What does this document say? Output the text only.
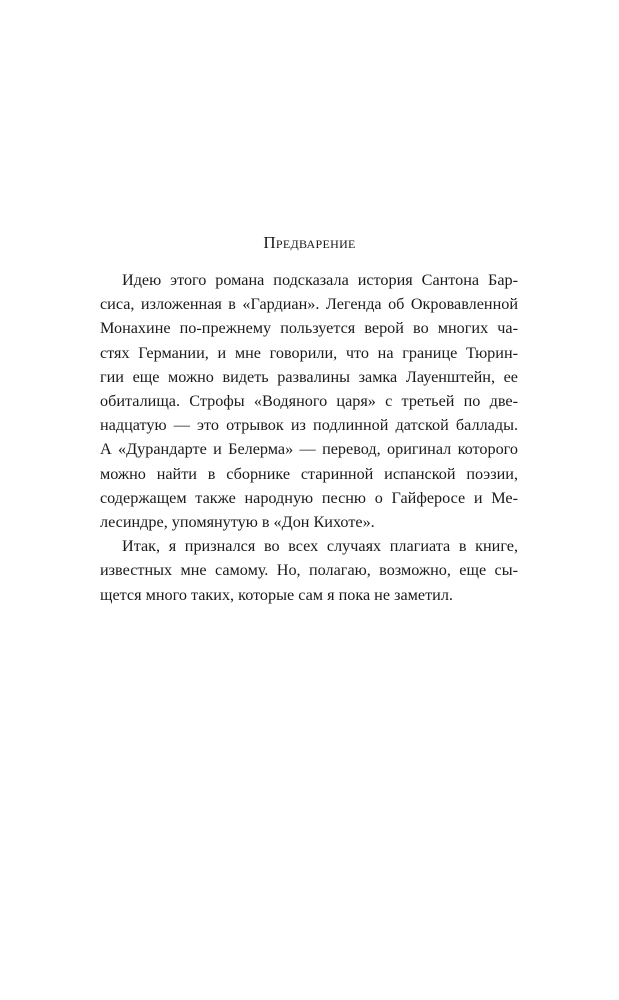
Предварение
Идею этого романа подсказала история Сантона Бар-
сиса, изложенная в «Гардиан». Легенда об Окровавленной
Монахине по-прежнему пользуется верой во многих ча-
стях Германии, и мне говорили, что на границе Тюрин-
гии еще можно видеть развалины замка Лауенштейн, ее
обиталища. Строфы «Водяного царя» с третьей по две-
надцатую — это отрывок из подлинной датской баллады.
А «Дурандарте и Белерма» — перевод, оригинал которого
можно найти в сборнике старинной испанской поэзии,
содержащем также народную песню о Гайферосе и Ме-
лесиндре, упомянутую в «Дон Кихоте».
Итак, я признался во всех случаях плагиата в книге,
известных мне самому. Но, полагаю, возможно, еще сы-
щется много таких, которые сам я пока не заметил.
